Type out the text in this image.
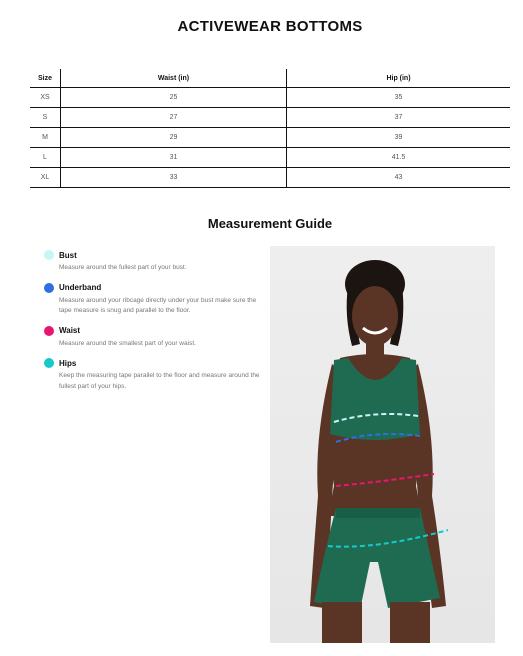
ACTIVEWEAR BOTTOMS
Size	Waist (in)	Hip (in)
XS	25	35
S	27	37
M	29	39
L	31	41.5
XL	33	43
Measurement Guide
Bust
Measure around the fullest part of your bust.
Underband
Measure around your ribcage directly under your bust make sure the tape measure is snug and parallel to the floor.
Waist
Measure around the smallest part of your waist.
Hips
Keep the measuring tape parallel to the floor and measure around the fullest part of your hips.
